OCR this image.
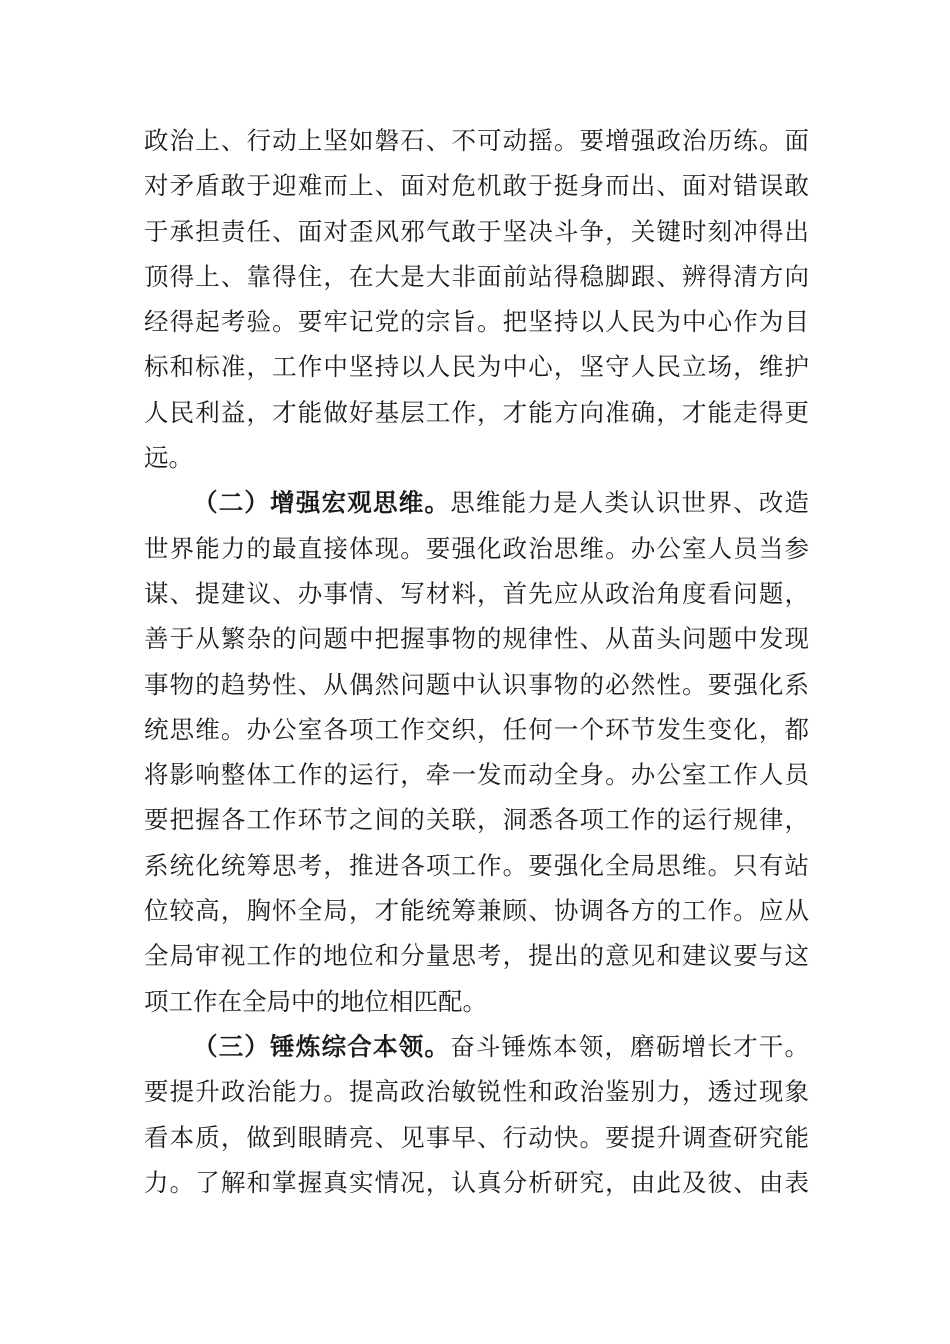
政治上、行动上坚如磐石、不可动摇。要增强政治历练。面
对矛盾敢于迎难而上、面对危机敢于挺身而出、面对错误敢
于承担责任、面对歪风邪气敢于坚决斗争，关键时刻冲得出
顶得上、靠得住，在大是大非面前站得稳脚跟、辨得清方向
经得起考验。要牢记党的宗旨。把坚持以人民为中心作为目
标和标准，工作中坚持以人民为中心，坚守人民立场，维护
人民利益，才能做好基层工作，才能方向准确，才能走得更
远。
（二）增强宏观思维。思维能力是人类认识世界、改造
世界能力的最直接体现。要强化政治思维。办公室人员当参
谋、提建议、办事情、写材料，首先应从政治角度看问题，
善于从繁杂的问题中把握事物的规律性、从苗头问题中发现
事物的趋势性、从偶然问题中认识事物的必然性。要强化系
统思维。办公室各项工作交织，任何一个环节发生变化，都
将影响整体工作的运行，牵一发而动全身。办公室工作人员
要把握各工作环节之间的关联，洞悉各项工作的运行规律，
系统化统筹思考，推进各项工作。要强化全局思维。只有站
位较高，胸怀全局，才能统筹兼顾、协调各方的工作。应从
全局审视工作的地位和分量思考，提出的意见和建议要与这
项工作在全局中的地位相匹配。
（三）锤炼综合本领。奋斗锤炼本领，磨砺增长才干。
要提升政治能力。提高政治敏锐性和政治鉴别力，透过现象
看本质，做到眼睛亮、见事早、行动快。要提升调查研究能
力。了解和掌握真实情况，认真分析研究，由此及彼、由表
